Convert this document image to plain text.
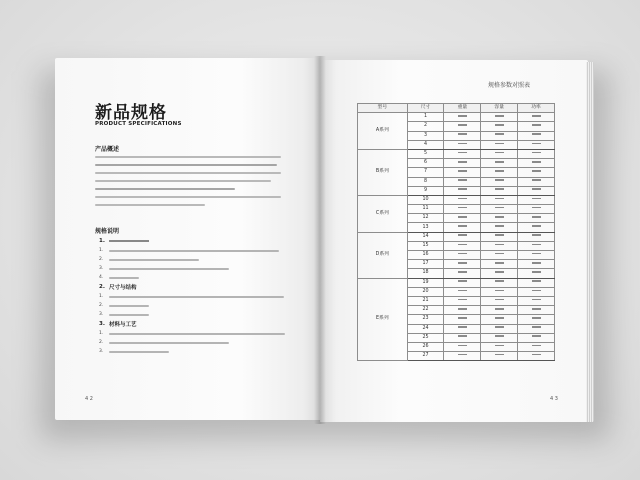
新品规格
PRODUCT SPECIFICATIONS
产品概述
规格说明
1.
1.
2.
3.
4.
2. 尺寸与结构
1.
2.
3.
3. 材料与工艺
1.
2.
3.
4 2
规格参数对照表
型号	尺寸	重量	容量	功率
A系列	1			
	2			
	3			
	4			
B系列	5			
	6			
	7			
	8			
	9			
C系列	10			
	11			
	12			
	13			
D系列	14			
	15			
	16			
	17			
	18			
E系列	19			
	20			
	21			
	22			
	23			
	24			
	25			
	26			
	27			
4 3
